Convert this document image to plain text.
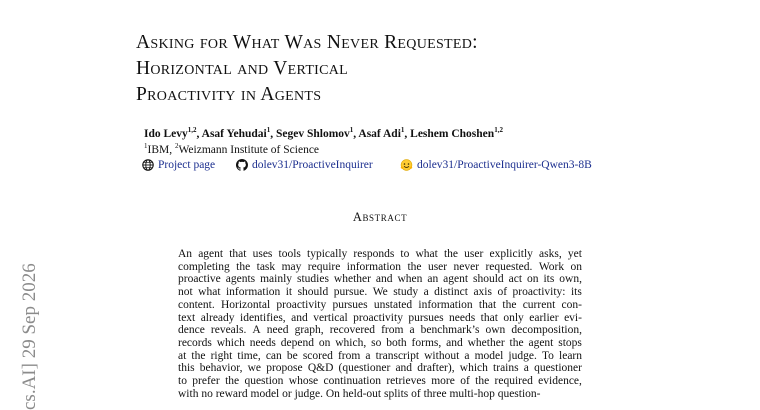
Asking for What Was Never Requested:
Horizontal and Vertical
Proactivity in Agents
Ido Levy$^{1,2}$, Asaf Yehudai$^1$, Segev Shlomov$^1$, Asaf Adi$^1$, Leshem Choshen$^{1,2}$
$^1$IBM, $^2$Weizmann Institute of Science
Project page	dolev31/ProactiveInquirer	dolev31/ProactiveInquirer-Qwen3-8B
Abstract
An agent that uses tools typically responds to what the user explicitly asks, yet
completing the task may require information the user never requested. Work on
proactive agents mainly studies whether and when an agent should act on its own,
not what information it should pursue. We study a distinct axis of proactivity: its
content. Horizontal proactivity pursues unstated information that the current con-
text already identifies, and vertical proactivity pursues needs that only earlier evi-
dence reveals. A need graph, recovered from a benchmark’s own decomposition,
records which needs depend on which, so both forms, and whether the agent stops
at the right time, can be scored from a transcript without a model judge. To learn
this behavior, we propose Q&D (questioner and drafter), which trains a questioner
to prefer the question whose continuation retrieves more of the required evidence,
with no reward model or judge. On held-out splits of three multi-hop question-
cs.AI] 29 Sep 2026
